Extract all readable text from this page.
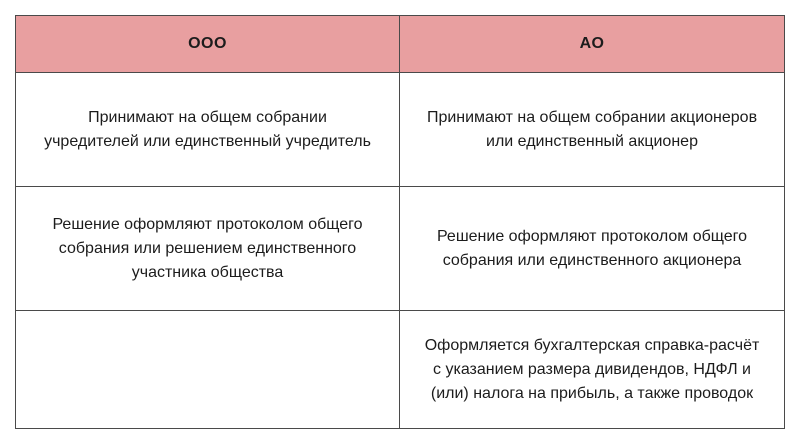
ООО	АО
Принимают на общем собрании учредителей или единственный учредитель
Принимают на общем собрании акционеров или единственный акционер
Решение оформляют протоколом общего собрания или решением единственного участника общества
Решение оформляют протоколом общего собрания или единственного акционера
Оформляется бухгалтерская справка-расчёт с указанием размера дивидендов, НДФЛ и (или) налога на прибыль, а также проводок
